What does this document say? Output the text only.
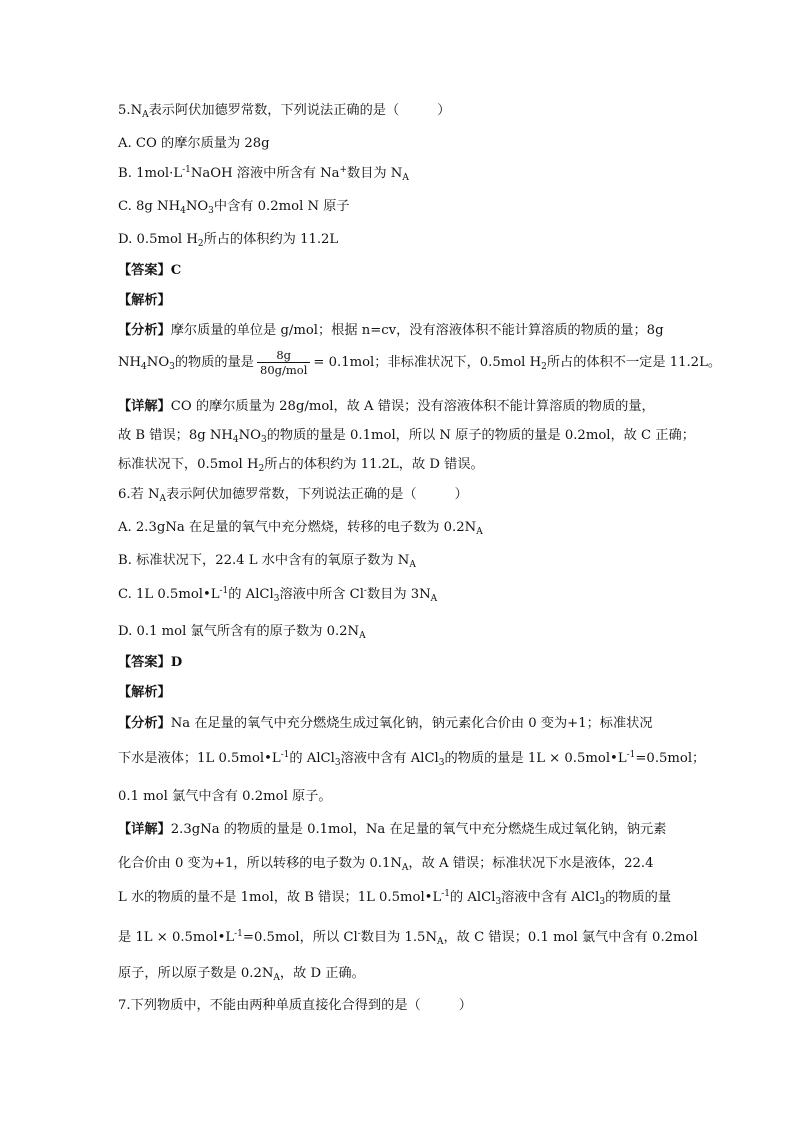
$5.N_A$表示阿伏加德罗常数，下列说法正确的是（	）
A. CO 的摩尔质量为 28g
B. $1mol\cdot L^{-1}NaOH$ 溶液中所含有 Na+数目为 $N_A$
C. 8g $NH_4NO_3$中含有 0.2mol N 原子
D. 0.5mol $H_2$所占的体积约为 11.2L
【答案】C
【解析】
【分析】摩尔质量的单位是 g/mol；根据 n=cv，没有溶液体积不能计算溶质的物质的量；8g
$NH_4NO_3$的物质的量是 $\frac{8g}{\text{80g/mol}} = 0.1mol$；非标准状况下，0.5mol $H_2$所占的体积不一定是 11.2L。
【详解】CO 的摩尔质量为 28g/mol，故 A 错误；没有溶液体积不能计算溶质的物质的量，
故 B 错误；8g $NH_4NO_3$的物质的量是 0.1mol，所以 N 原子的物质的量是 0.2mol，故 C 正确；
标准状况下，0.5mol $H_2$所占的体积约为 11.2L，故 D 错误。
6.若 $N_A$表示阿伏加德罗常数，下列说法正确的是（	）
A. 2.3gNa 在足量的氧气中充分燃烧，转移的电子数为 $0.2N_A$
B. 标准状况下，22.4 L 水中含有的氧原子数为 $N_A$
C. 1L $0.5mol•L^{-1}$的 AlCl$_3$溶液中所含 Cl-数目为 $3N_A$
D. 0.1 mol 氯气所含有的原子数为 $0.2N_A$
【答案】D
【解析】
【分析】Na 在足量的氧气中充分燃烧生成过氧化钠，钠元素化合价由 0 变为+1；标准状况
下水是液体；1L $0.5mol•L^{-1}$的 AlCl$_3$溶液中含有 AlCl$_3$的物质的量是 $1L \times 0.5mol•L^{-1}=0.5mol$；
0.1 mol 氯气中含有 0.2mol 原子。
【详解】2.3gNa 的物质的量是 0.1mol，Na 在足量的氧气中充分燃烧生成过氧化钠，钠元素
化合价由 0 变为+1，所以转移的电子数为 $0.1N_A$，故 A 错误；标准状况下水是液体，22.4
L 水的物质的量不是 1mol，故 B 错误；1L $0.5mol•L^{-1}$的 AlCl$_3$溶液中含有 AlCl$_3$的物质的量
是 $1L \times 0.5mol•L^{-1}=0.5mol$，所以 Cl-数目为 $1.5N_A$，故 C 错误；0.1 mol 氯气中含有 0.2mol
原子，所以原子数是 $0.2N_A$，故 D 正确。
7.下列物质中，不能由两种单质直接化合得到的是（	）
